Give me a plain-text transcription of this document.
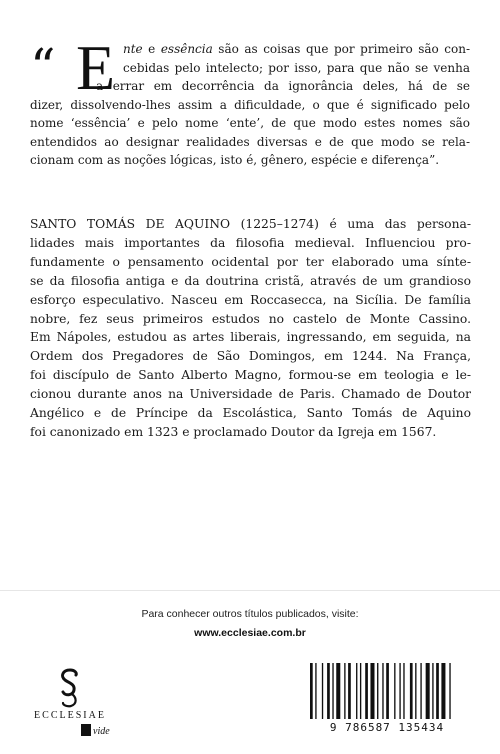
“ E nte e essência são as coisas que por primeiro são con-
cebidas pelo intelecto; por isso, para que não se venha
a errar em decorrência da ignorância deles, há de se
dizer, dissolvendo-lhes assim a dificuldade, o que é significado pelo
nome ‘essência’ e pelo nome ‘ente’, de que modo estes nomes são
entendidos ao designar realidades diversas e de que modo se rela-
cionam com as noções lógicas, isto é, gênero, espécie e diferença”.
SANTO TOMÁS DE AQUINO (1225–1274) é uma das persona-
lidades mais importantes da filosofia medieval. Influenciou pro-
fundamente o pensamento ocidental por ter elaborado uma sínte-
se da filosofia antiga e da doutrina cristã, através de um grandioso
esforço especulativo. Nasceu em Roccasecca, na Sicília. De família
nobre, fez seus primeiros estudos no castelo de Monte Cassino.
Em Nápoles, estudou as artes liberais, ingressando, em seguida, na
Ordem dos Pregadores de São Domingos, em 1244. Na França,
foi discípulo de Santo Alberto Magno, formou-se em teologia e le-
cionou durante anos na Universidade de Paris. Chamado de Doutor
Angélico e de Príncipe da Escolástica, Santo Tomás de Aquino
foi canonizado em 1323 e proclamado Doutor da Igreja em 1567.
Para conhecer outros títulos publicados, visite:
www.ecclesiae.com.br
ECCLESIAE
vide	9 786587 135434
